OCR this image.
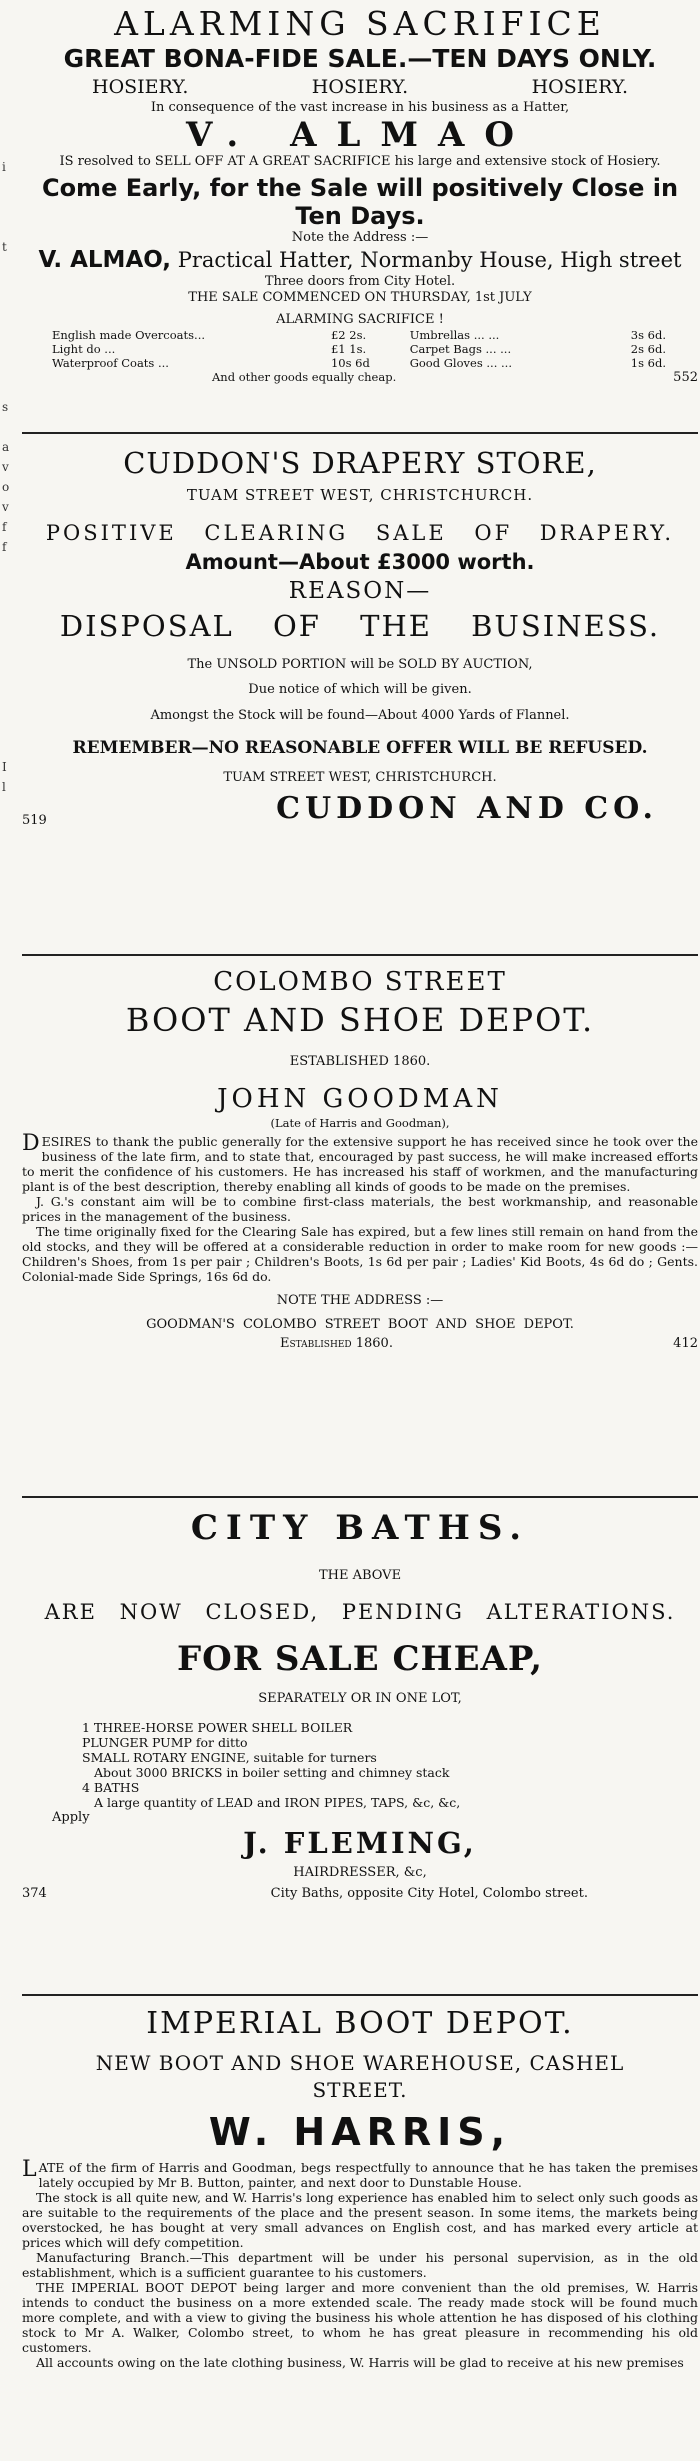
i
t
s
a
v
o
v
f
f
I
l
ALARMING SACRIFICE
GREAT BONA-FIDE SALE.—TEN DAYS ONLY.
HOSIERY.	HOSIERY.	HOSIERY.
In consequence of the vast increase in his business as a Hatter,
V. ALMAO
IS resolved to SELL OFF AT A GREAT SACRIFICE his large and extensive stock of Hosiery.
Come Early, for the Sale will positively Close in Ten Days.
Note the Address :—
V. ALMAO, Practical Hatter, Normanby House, High street
Three doors from City Hotel.
THE SALE COMMENCED ON THURSDAY, 1st JULY
ALARMING SACRIFICE !
English made Overcoats...	£2 2s.	Umbrellas ... ...	3s 6d.
Light do ...	£1 1s.	Carpet Bags ... ...	2s 6d.
Waterproof Coats ...	10s 6d	Good Gloves ... ...	1s 6d.
And other goods equally cheap.	552
CUDDON'S DRAPERY STORE,
TUAM STREET WEST, CHRISTCHURCH.
POSITIVE CLEARING SALE OF DRAPERY.
Amount—About £3000 worth.
REASON—
DISPOSAL OF THE BUSINESS.
The UNSOLD PORTION will be SOLD BY AUCTION,
Due notice of which will be given.
Amongst the Stock will be found—About 4000 Yards of Flannel.
REMEMBER—NO REASONABLE OFFER WILL BE REFUSED.
TUAM STREET WEST, CHRISTCHURCH.
519	CUDDON AND CO.
COLOMBO STREET
BOOT AND SHOE DEPOT.
ESTABLISHED 1860.
JOHN GOODMAN
(Late of Harris and Goodman),

DESIRES to thank the public generally for the extensive support he has received since he took over the business of the late firm, and to state that, encouraged by past success, he will make increased efforts to merit the confidence of his customers. He has increased his staff of workmen, and the manufacturing plant is of the best description, thereby enabling all kinds of goods to be made on the premises.

J. G.'s constant aim will be to combine first-class materials, the best workmanship, and reasonable prices in the management of the business.

The time originally fixed for the Clearing Sale has expired, but a few lines still remain on hand from the old stocks, and they will be offered at a considerable reduction in order to make room for new goods :—Children's Shoes, from 1s per pair ; Children's Boots, 1s 6d per pair ; Ladies' Kid Boots, 4s 6d do ; Gents. Colonial-made Side Springs, 16s 6d do.

NOTE THE ADDRESS :—
GOODMAN'S COLOMBO STREET BOOT AND SHOE DEPOT.
Established 1860.	412
CITY BATHS.
THE ABOVE
ARE NOW CLOSED, PENDING ALTERATIONS.
FOR SALE CHEAP,
SEPARATELY OR IN ONE LOT,
1 THREE-HORSE POWER SHELL BOILER
PLUNGER PUMP for ditto
SMALL ROTARY ENGINE, suitable for turners
About 3000 BRICKS in boiler setting and chimney stack
4 BATHS
A large quantity of LEAD and IRON PIPES, TAPS, &c, &c,
Apply
J. FLEMING,
HAIRDRESSER, &c,
374	City Baths, opposite City Hotel, Colombo street.
IMPERIAL BOOT DEPOT.
NEW BOOT AND SHOE WAREHOUSE, CASHEL STREET.
W. HARRIS,

LATE of the firm of Harris and Goodman, begs respectfully to announce that he has taken the premises lately occupied by Mr B. Button, painter, and next door to Dunstable House.

The stock is all quite new, and W. Harris's long experience has enabled him to select only such goods as are suitable to the requirements of the place and the present season. In some items, the markets being overstocked, he has bought at very small advances on English cost, and has marked every article at prices which will defy competition.

Manufacturing Branch.—This department will be under his personal supervision, as in the old establishment, which is a sufficient guarantee to his customers.

THE IMPERIAL BOOT DEPOT being larger and more convenient than the old premises, W. Harris intends to conduct the business on a more extended scale. The ready made stock will be found much more complete, and with a view to giving the business his whole attention he has disposed of his clothing stock to Mr A. Walker, Colombo street, to whom he has great pleasure in recommending his old customers.

All accounts owing on the late clothing business, W. Harris will be glad to receive at his new premises
